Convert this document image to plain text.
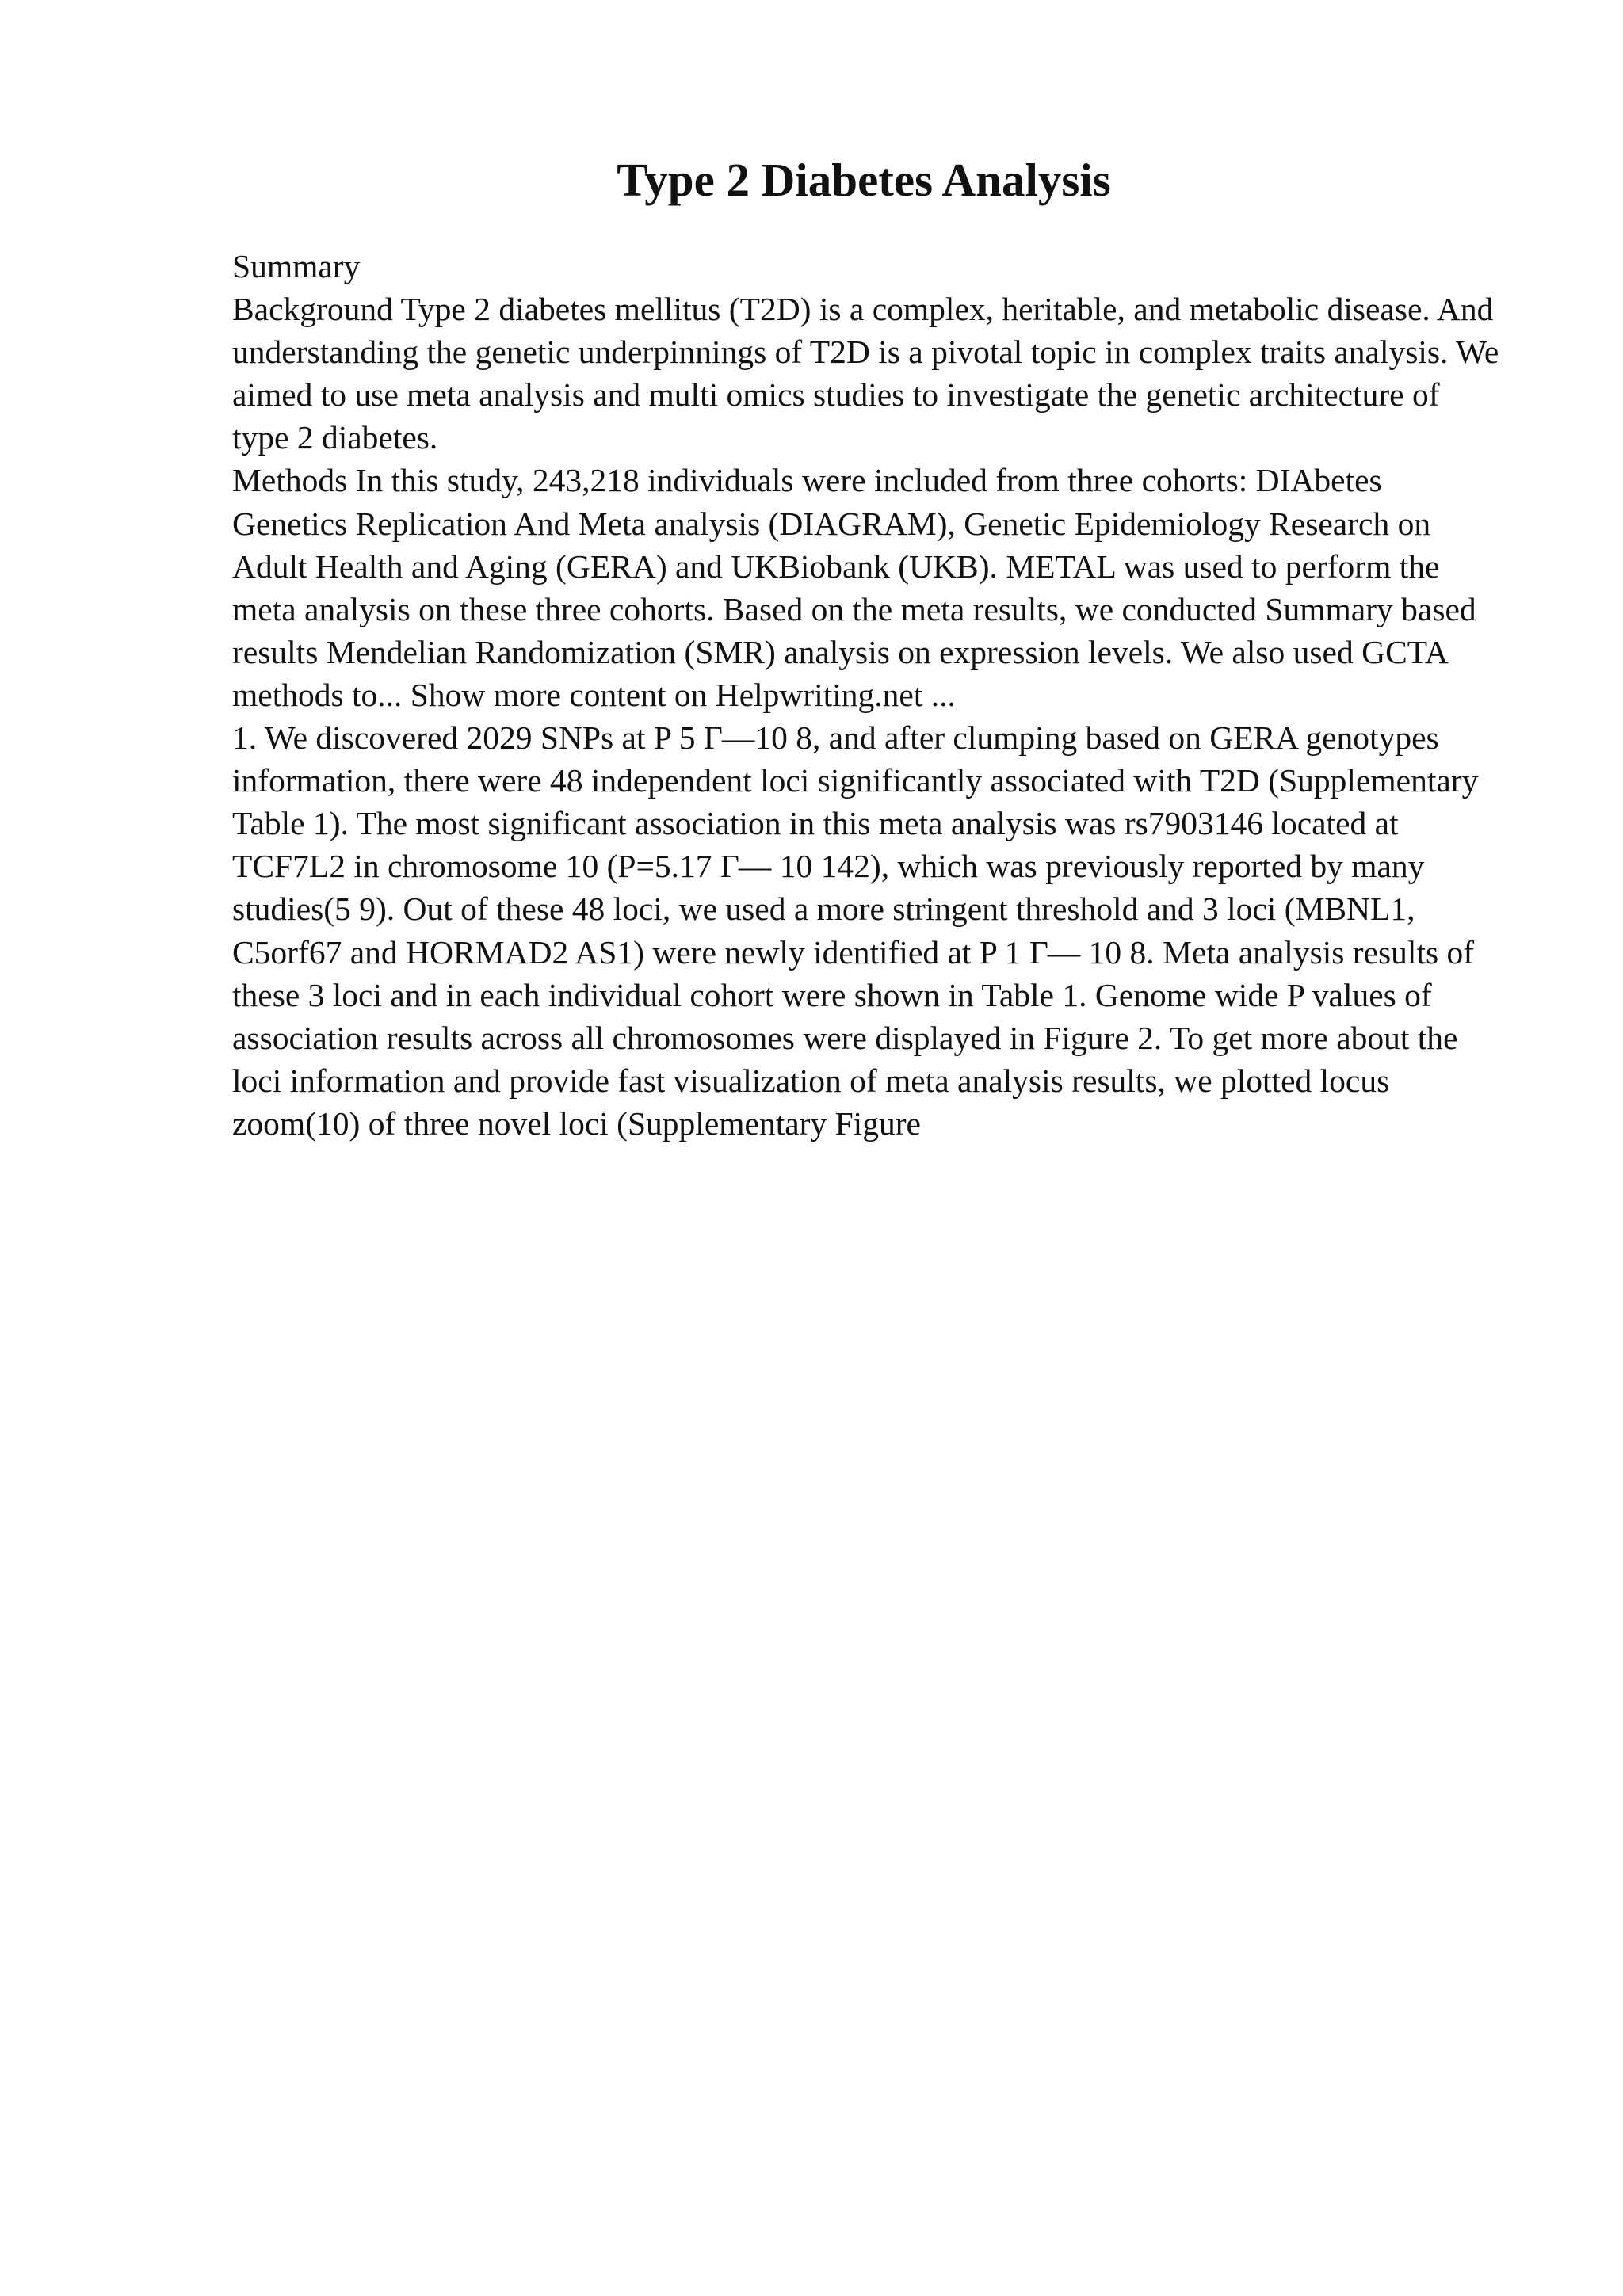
Type 2 Diabetes Analysis

Summary

Background Type 2 diabetes mellitus (T2D) is a complex, heritable, and metabolic disease. And understanding the genetic underpinnings of T2D is a pivotal topic in complex traits analysis. We aimed to use meta analysis and multi omics studies to investigate the genetic architecture of type 2 diabetes.

Methods In this study, 243,218 individuals were included from three cohorts: DIAbetes Genetics Replication And Meta analysis (DIAGRAM), Genetic Epidemiology Research on Adult Health and Aging (GERA) and UKBiobank (UKB). METAL was used to perform the meta analysis on these three cohorts. Based on the meta results, we conducted Summary based results Mendelian Randomization (SMR) analysis on expression levels. We also used GCTA methods to... Show more content on Helpwriting.net ...

1. We discovered 2029 SNPs at P 5 Г—10 8, and after clumping based on GERA genotypes information, there were 48 independent loci significantly associated with T2D (Supplementary Table 1). The most significant association in this meta analysis was rs7903146 located at TCF7L2 in chromosome 10 (P=5.17 Г— 10 142), which was previously reported by many studies(5 9). Out of these 48 loci, we used a more stringent threshold and 3 loci (MBNL1, C5orf67 and HORMAD2 AS1) were newly identified at P 1 Г— 10 8. Meta analysis results of these 3 loci and in each individual cohort were shown in Table 1. Genome wide P values of association results across all chromosomes were displayed in Figure 2. To get more about the loci information and provide fast visualization of meta analysis results, we plotted locus zoom(10) of three novel loci (Supplementary Figure
